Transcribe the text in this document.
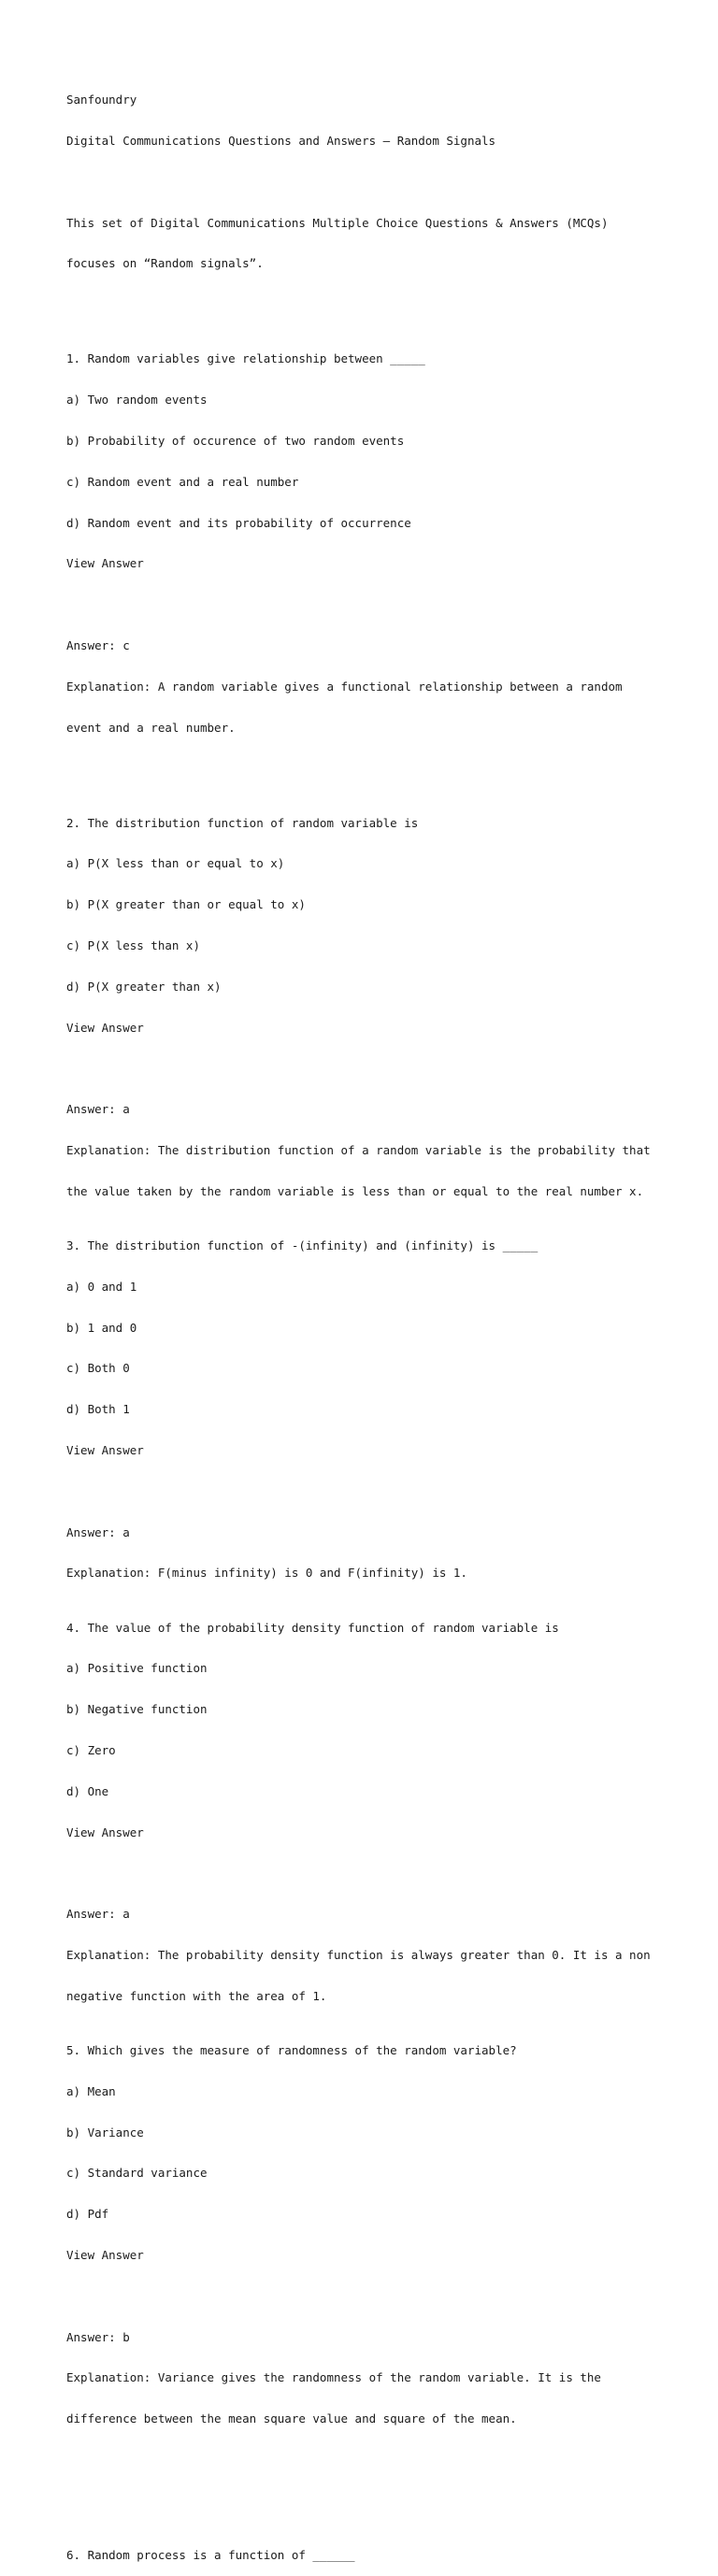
Sanfoundry

Digital Communications Questions and Answers – Random Signals

This set of Digital Communications Multiple Choice Questions & Answers (MCQs)

focuses on “Random signals”.

1. Random variables give relationship between _____

a) Two random events

b) Probability of occurence of two random events

c) Random event and a real number

d) Random event and its probability of occurrence

View Answer

Answer: c

Explanation: A random variable gives a functional relationship between a random

event and a real number.

2. The distribution function of random variable is

a) P(X less than or equal to x)

b) P(X greater than or equal to x)

c) P(X less than x)

d) P(X greater than x)

View Answer

Answer: a

Explanation: The distribution function of a random variable is the probability that

the value taken by the random variable is less than or equal to the real number x.

3. The distribution function of -(infinity) and (infinity) is _____

a) 0 and 1

b) 1 and 0

c) Both 0

d) Both 1

View Answer

Answer: a

Explanation: F(minus infinity) is 0 and F(infinity) is 1.

4. The value of the probability density function of random variable is

a) Positive function

b) Negative function

c) Zero

d) One

View Answer

Answer: a

Explanation: The probability density function is always greater than 0. It is a non

negative function with the area of 1.

5. Which gives the measure of randomness of the random variable?

a) Mean

b) Variance

c) Standard variance

d) Pdf

View Answer

Answer: b

Explanation: Variance gives the randomness of the random variable. It is the

difference between the mean square value and square of the mean.

6. Random process is a function of ______
